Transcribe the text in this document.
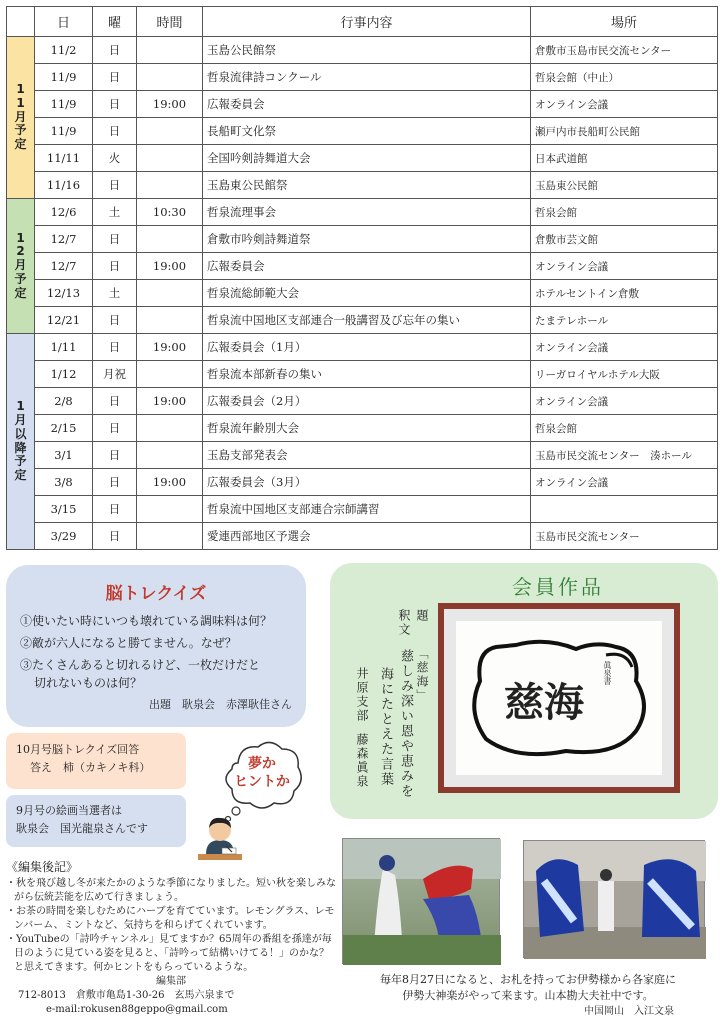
	日	曜	時間	行事内容	場所
11月予定	11/2	日		玉島公民館祭	倉敷市玉島市民交流センター
	11/9	日		哲泉流律詩コンクール	哲泉会館（中止）
	11/9	日	19:00	広報委員会	オンライン会議
	11/9	日		長船町文化祭	瀬戸内市長船町公民館
	11/11	火		全国吟剣詩舞道大会	日本武道館
	11/16	日		玉島東公民館祭	玉島東公民館
12月予定	12/6	土	10:30	哲泉流理事会	哲泉会館
	12/7	日		倉敷市吟剣詩舞道祭	倉敷市芸文館
	12/7	日	19:00	広報委員会	オンライン会議
	12/13	土		哲泉流総師範大会	ホテルセントイン倉敷
	12/21	日		哲泉流中国地区支部連合一般講習及び忘年の集い	たまテレホール
1月以降予定	1/11	日	19:00	広報委員会（1月）	オンライン会議
	1/12	月祝		哲泉流本部新春の集い	リーガロイヤルホテル大阪
	2/8	日	19:00	広報委員会（2月）	オンライン会議
	2/15	日		哲泉流年齢別大会	哲泉会館
	3/1	日		玉島支部発表会	玉島市民交流センター　湊ホール
	3/8	日	19:00	広報委員会（3月）	オンライン会議
	3/15	日		哲泉流中国地区支部連合宗師講習	
	3/29	日		愛連西部地区予選会	玉島市民交流センター
脳トレクイズ

①使いたい時にいつも壊れている調味料は何？

②敵が六人になると勝てません。なぜ？

③たくさんあると切れるけど、一枚だけだと

切れないものは何？

出題　耿泉会　赤澤耿佳さん
10月号脳トレクイズ回答
答え　柿（カキノキ科）
9月号の絵画当選者は
耿泉会　国光龍泉さんです
夢か
ヒントか
会員作品
題
釈文
「慈海」
慈しみ深い恩や恵みを
海にたとえた言葉
井原支部
藤森眞泉
慈海
眞泉書
《編集後記》

・秋を飛び越し冬が来たかのような季節になりました。短い秋を楽しみながら伝統芸能を広めて行きましょう。

・お茶の時間を楽しむためにハーブを育てています。レモングラス、レモンバーム、ミントなど、気持ちを和らげてくれています。

・YouTubeの「詩吟チャンネル」見てますか？65周年の番組を孫達が毎日のように見ている姿を見ると、「詩吟って結構いけてる！」のかな？と思えてきます。何かヒントをもらっているような。

編集部
712-8013　倉敷市亀島1-30-26　玄馬六泉まで
e-mail:rokusen88geppo@gmail.com
毎年8月27日になると、お札を持ってお伊勢様から各家庭に
伊勢大神楽がやって来ます。山本勘大夫社中です。
中国岡山　入江文泉
